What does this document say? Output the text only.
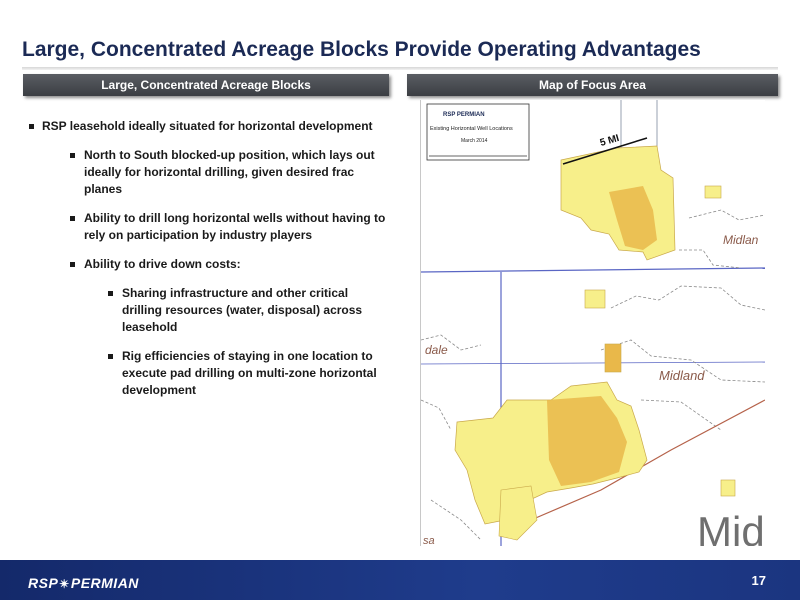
Large, Concentrated Acreage Blocks Provide Operating Advantages
Large, Concentrated Acreage Blocks	Map of Focus Area
RSP leasehold ideally situated for horizontal development
North to South blocked-up position, which lays out ideally for horizontal drilling, given desired frac planes
Ability to drill long horizontal wells without having to rely on participation by industry players
Ability to drive down costs:
Sharing infrastructure and other critical drilling resources (water, disposal) across leasehold
Rig efficiencies of staying in one location to execute pad drilling on multi-zone horizontal development
5 MI
RSP PERMIAN
Existing Horizontal Well Locations
March 2014
Midlan
Midland
dale
sa	Mid
RSP✴PERMIAN	17
